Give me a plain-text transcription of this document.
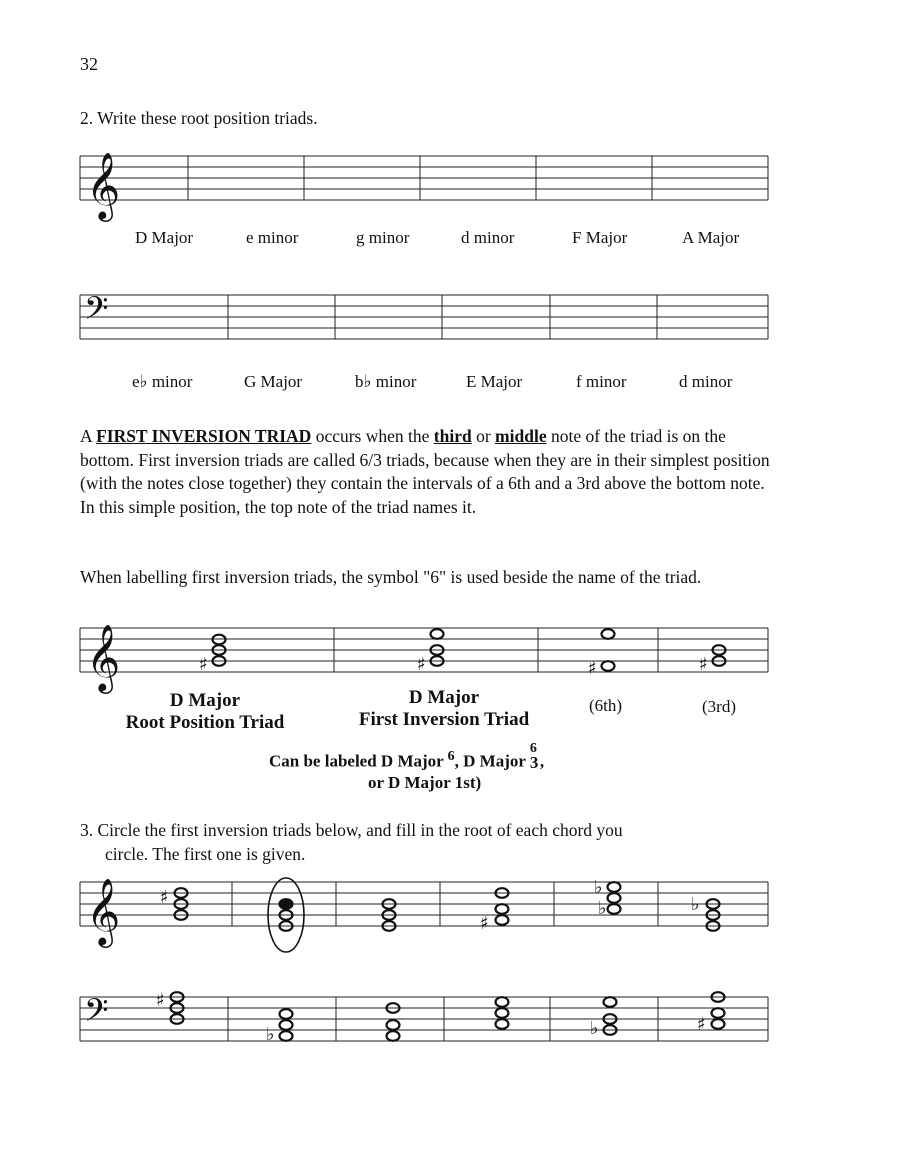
32
2. Write these root position triads.
𝄞
𝄢
𝄞
𝄞
𝄢
♯	♯	♯	♯
♯
♯
♭
♭	♭
♯
♭	♭	♯
D Major	e minor	g minor	d minor	F Major	A Major
e♭ minor	G Major	b♭ minor	E Major	f minor	d minor
A FIRST INVERSION TRIAD occurs when the third or middle note of the triad is on the bottom. First inversion triads are called 6/3 triads, because when they are in their simplest position (with the notes close together) they contain the intervals of a 6th and a 3rd above the bottom note. In this simple position, the top note of the triad names it.
When labelling first inversion triads, the symbol "6" is used beside the name of the triad.
D Major
Root Position Triad
D Major
First Inversion Triad
(6th)	(3rd)
Can be labeled D Major $^6$, D Major
6
3 ,
or D Major 1st)
3. Circle the first inversion triads below, and fill in the root of each chord you
circle. The first one is given.
